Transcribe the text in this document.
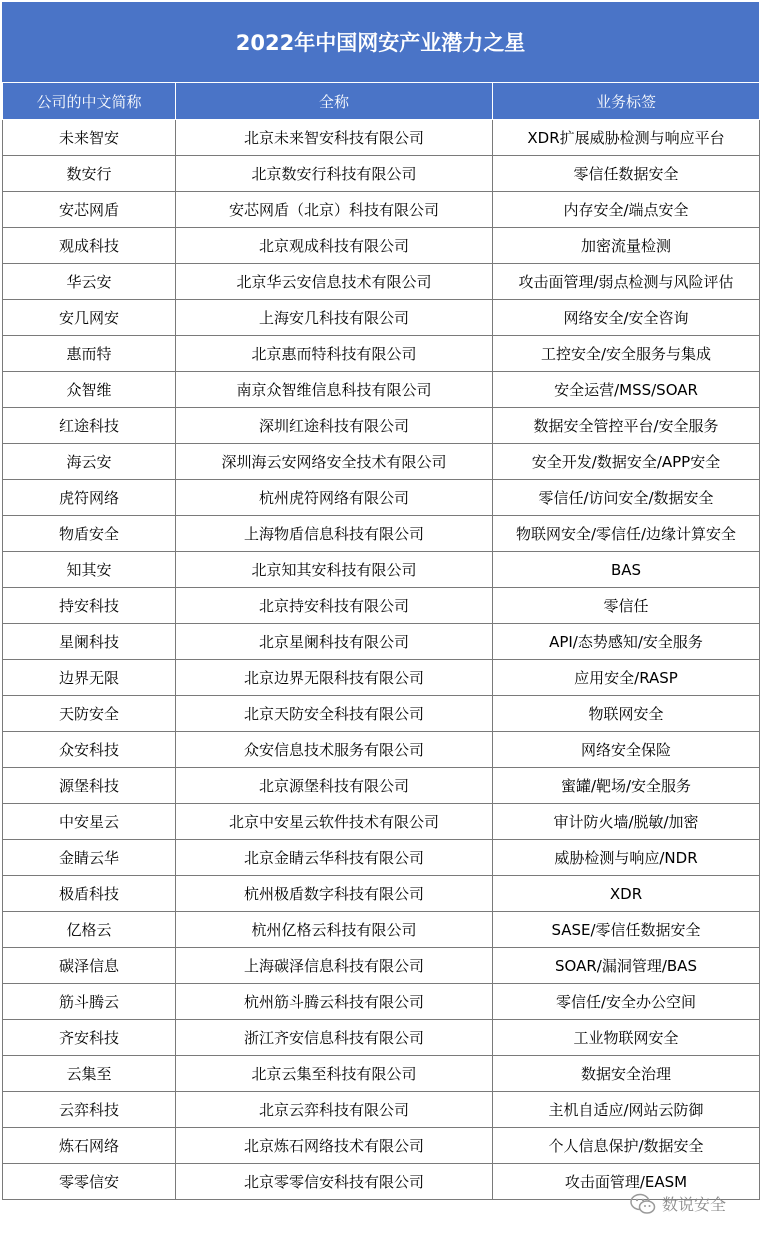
2022年中国网安产业潜力之星
公司的中文简称	全称	业务标签
未来智安	北京未来智安科技有限公司	XDR扩展威胁检测与响应平台
数安行	北京数安行科技有限公司	零信任数据安全
安芯网盾	安芯网盾（北京）科技有限公司	内存安全/端点安全
观成科技	北京观成科技有限公司	加密流量检测
华云安	北京华云安信息技术有限公司	攻击面管理/弱点检测与风险评估
安几网安	上海安几科技有限公司	网络安全/安全咨询
惠而特	北京惠而特科技有限公司	工控安全/安全服务与集成
众智维	南京众智维信息科技有限公司	安全运营/MSS/SOAR
红途科技	深圳红途科技有限公司	数据安全管控平台/安全服务
海云安	深圳海云安网络安全技术有限公司	安全开发/数据安全/APP安全
虎符网络	杭州虎符网络有限公司	零信任/访问安全/数据安全
物盾安全	上海物盾信息科技有限公司	物联网安全/零信任/边缘计算安全
知其安	北京知其安科技有限公司	BAS
持安科技	北京持安科技有限公司	零信任
星阑科技	北京星阑科技有限公司	API/态势感知/安全服务
边界无限	北京边界无限科技有限公司	应用安全/RASP
天防安全	北京天防安全科技有限公司	物联网安全
众安科技	众安信息技术服务有限公司	网络安全保险
源堡科技	北京源堡科技有限公司	蜜罐/靶场/安全服务
中安星云	北京中安星云软件技术有限公司	审计防火墙/脱敏/加密
金睛云华	北京金睛云华科技有限公司	威胁检测与响应/NDR
极盾科技	杭州极盾数字科技有限公司	XDR
亿格云	杭州亿格云科技有限公司	SASE/零信任数据安全
碳泽信息	上海碳泽信息科技有限公司	SOAR/漏洞管理/BAS
筋斗腾云	杭州筋斗腾云科技有限公司	零信任/安全办公空间
齐安科技	浙江齐安信息科技有限公司	工业物联网安全
云集至	北京云集至科技有限公司	数据安全治理
云弈科技	北京云弈科技有限公司	主机自适应/网站云防御
炼石网络	北京炼石网络技术有限公司	个人信息保护/数据安全
零零信安	北京零零信安科技有限公司	攻击面管理/EASM
数说安全
